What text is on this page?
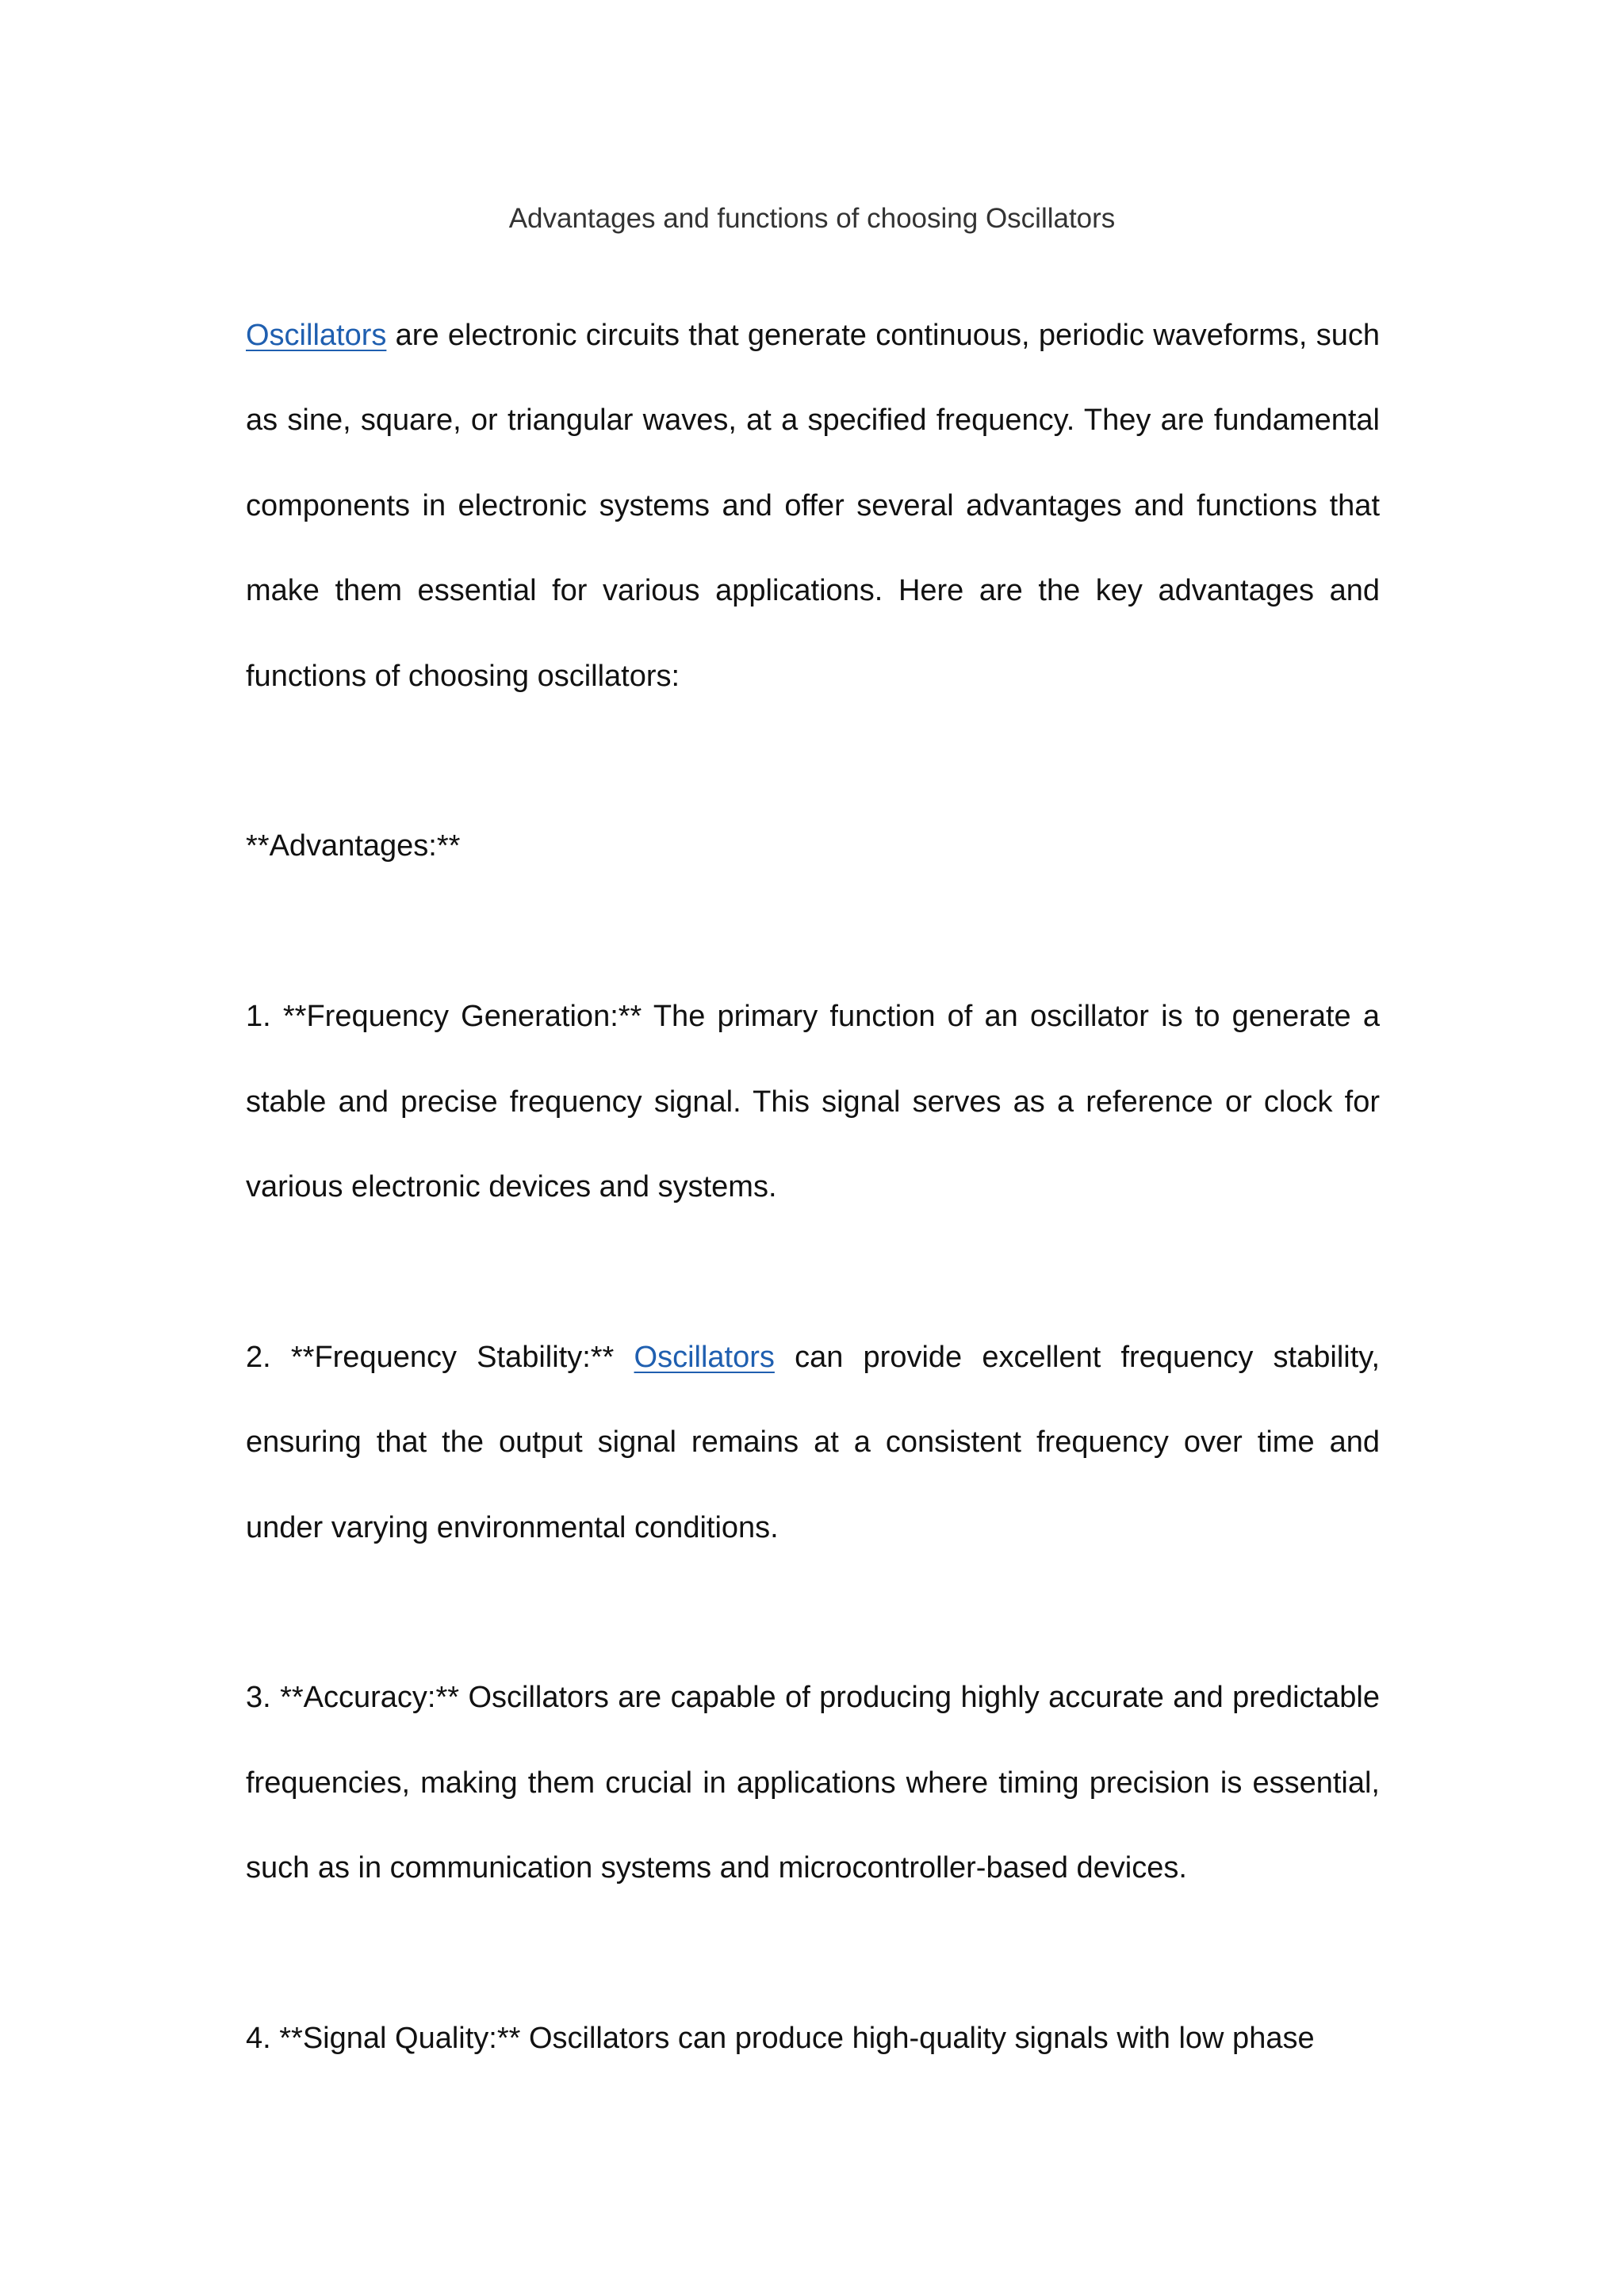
Advantages and functions of choosing Oscillators

Oscillators are electronic circuits that generate continuous, periodic waveforms, such as sine, square, or triangular waves, at a specified frequency. They are fundamental components in electronic systems and offer several advantages and functions that make them essential for various applications. Here are the key advantages and functions of choosing oscillators:

**Advantages:**

1. **Frequency Generation:** The primary function of an oscillator is to generate a stable and precise frequency signal. This signal serves as a reference or clock for various electronic devices and systems.

2. **Frequency Stability:** Oscillators can provide excellent frequency stability, ensuring that the output signal remains at a consistent frequency over time and under varying environmental conditions.

3. **Accuracy:** Oscillators are capable of producing highly accurate and predictable frequencies, making them crucial in applications where timing precision is essential, such as in communication systems and microcontroller-based devices.

4. **Signal Quality:** Oscillators can produce high-quality signals with low phase
